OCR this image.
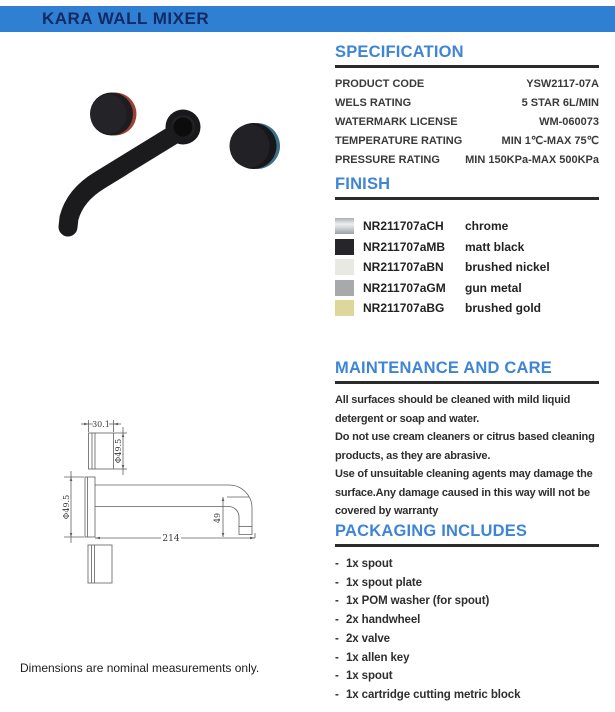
KARA WALL MIXER
SPECIFICATION
PRODUCT CODE	YSW2117-07A
WELS RATING	5 STAR 6L/MIN
WATERMARK LICENSE	WM-060073
TEMPERATURE RATING	MIN 1℃-MAX 75℃
PRESSURE RATING MIN 150KPa-MAX 500KPa
FINISH
NR211707aCH	chrome
NR211707aMB	matt black
NR211707aBN	brushed nickel
NR211707aGM	gun metal
NR211707aBG	brushed gold
MAINTENANCE AND CARE
All surfaces should be cleaned with mild liquid
detergent or soap and water.
Do not use cream cleaners or citrus based cleaning
products, as they are abrasive.
Use of unsuitable cleaning agents may damage the
surface.Any damage caused in this way will not be
covered by warranty
PACKAGING INCLUDES
- 1x spout
- 1x spout plate
- 1x POM washer (for spout)
- 2x handwheel
- 2x valve
- 1x allen key
- 1x spout
- 1x cartridge cutting metric block
30.1
Φ49.5
Φ49.5	49
214
Dimensions are nominal measurements only.
